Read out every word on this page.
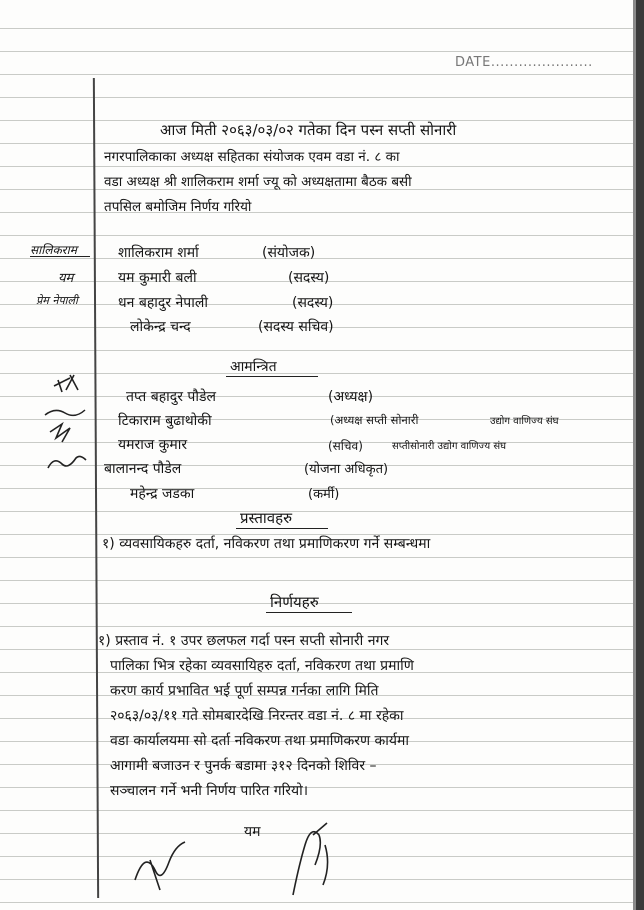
DATE......................
आज मिती २०६३/०३/०२ गतेका दिन पस्न सप्ती सोनारी
नगरपालिकाका अध्यक्ष सहितका संयोजक एवम वडा नं. ८ का
वडा अध्यक्ष श्री शालिकराम शर्मा ज्यू को अध्यक्षतामा बैठक बसी
तपसिल बमोजिम निर्णय गरियो
सालिकराम
यम
प्रेम नेपाली
शालिकराम शर्मा	(संयोजक)
यम कुमारी बली	(सदस्य)
धन बहादुर नेपाली	(सदस्य)
लोकेन्द्र चन्द	(सदस्य सचिव)
आमन्त्रित
तप्त बहादुर पौडेल	(अध्यक्ष)
टिकाराम बुढाथोकी	(अध्यक्ष सप्ती सोनारी	उद्योग वाणिज्य संघ
यमराज कुमार	(सचिव)	सप्तीसोनारी उद्योग वाणिज्य संघ
बालानन्द पौडेल	(योजना अधिकृत)
महेन्द्र जडका	(कर्मी)
प्रस्तावहरु
१) व्यवसायिकहरु दर्ता, नविकरण तथा प्रमाणिकरण गर्ने सम्बन्धमा
निर्णयहरु
१) प्रस्ताव नं. १ उपर छलफल गर्दा पस्न सप्ती सोनारी नगर
पालिका भित्र रहेका व्यवसायिहरु दर्ता, नविकरण तथा प्रमाणि
करण कार्य प्रभावित भई पूर्ण सम्पन्न गर्नका लागि मिति
२०६३/०३/११ गते सोमबारदेखि निरन्तर वडा नं. ८ मा रहेका
वडा कार्यालयमा सो दर्ता नविकरण तथा प्रमाणिकरण कार्यमा
आगामी बजाउन र पुनर्क बडामा ३१२ दिनको शिविर –
सञ्चालन गर्ने भनी निर्णय पारित गरियो।
यम
